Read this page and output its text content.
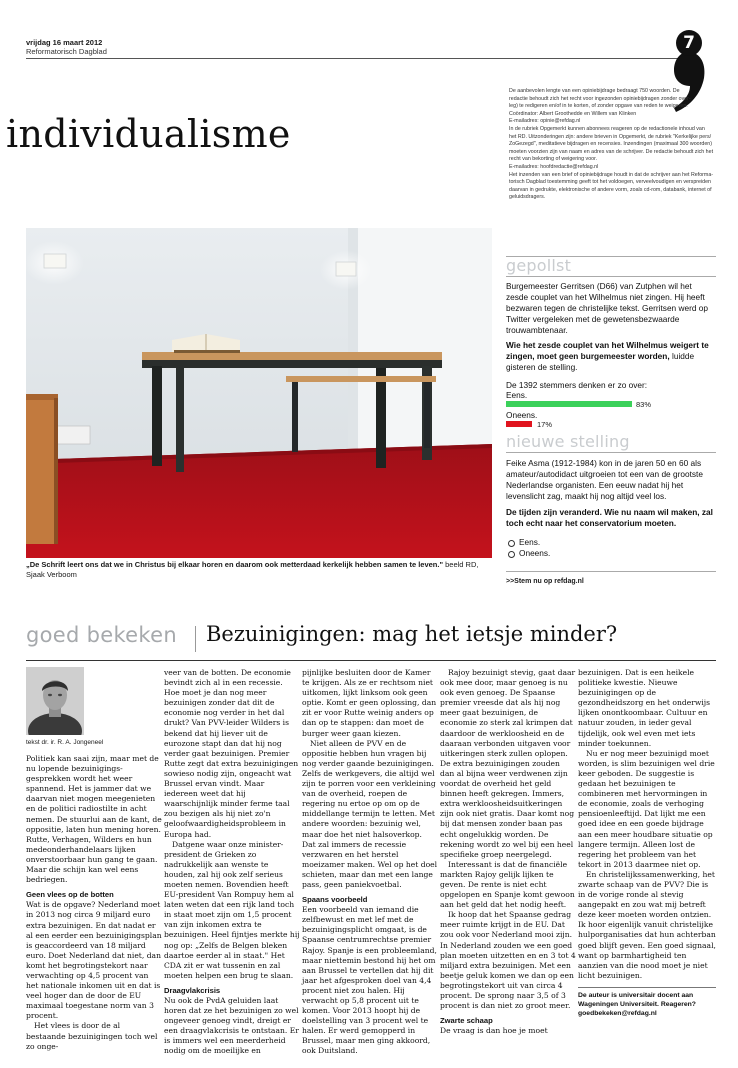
vrijdag 16 maart 2012
Reformatorisch Dagblad	7
individualisme

De aanbevolen lengte van een opiniebijdrage bedraagt 750 woorden. De

redactie behoudt zich het recht voor ingezonden opiniebijdragen zonder over-

leg) te redigeren en/of in te korten, of zonder opgave van reden te weigeren.

Coördinator: Albert Groothedde en Willem van Klinken

E-mailadres: opinie@refdag.nl

In de rubriek Opgemerkt kunnen abonnees reageren op de redactionele inhoud van

het RD. Uitzonderingen zijn: andere brieven in Opgemerkt, de rubriek "Kerkelijke pers/

ZoGezegd", meditatieve bijdragen en recensies. Inzendingen (maximaal 300 woorden)

moeten voorzien zijn van naam en adres van de schrijver. De redactie behoudt zich het

recht van bekorting of weigering voor.

E-mailadres: hoofdredactie@refdag.nl

Het inzenden van een brief of opiniebijdrage houdt in dat de schrijver aan het Reforma-

torisch Dagblad toestemming geeft tot het voldoegen, verveelvoudigen en verspreiden

daarvan in gedrukte, elektronische of andere vorm, zoals cd-rom, databank, internet of

geluidsdragers.

„De Schrift leert ons dat we in Christus bij elkaar horen en daarom ook metterdaad kerkelijk hebben samen te leven." beeld RD, Sjaak Verboom
gepollst
Burgemeester Gerritsen (D66) van Zutphen wil het zesde couplet van het Wilhelmus niet zingen. Hij heeft bezwaren tegen de christelijke tekst. Gerritsen werd op Twitter vergeleken met de gewetensbezwaarde trouwambtenaar.
Wie het zesde couplet van het Wilhelmus weigert te zingen, moet geen burgemeester worden, luidde gisteren de stelling.
De 1392 stemmers denken er zo over:
Eens.
83%
Oneens.
17%
nieuwe stelling
Feike Asma (1912-1984) kon in de jaren 50 en 60 als amateur/autodidact uitgroeien tot een van de grootste Nederlandse organisten. Een eeuw nadat hij het levenslicht zag, maakt hij nog altijd veel los.
De tijden zijn veranderd. Wie nu naam wil maken, zal toch echt naar het conservatorium moeten.
Eens.
Oneens.
>>Stem nu op refdag.nl
goed bekeken Bezuinigingen: mag het ietsje minder?
tekst dr. ir. R. A. Jongeneel

Politiek kan saai zijn, maar met de nu lopende bezuinigingsgesprekken wordt het weer spannend. Het is jammer dat we daarvan niet mogen meegenieten en de politici radiostilte in acht nemen. De stuurlui aan de kant, de oppositie, laten hun mening horen. Rutte, Verhagen, Wilders en hun medeonderhandelaars lijken onverstoorbaar hun gang te gaan. Maar die schijn kan wel eens bedriegen.

Geen vlees op de botten

Wat is de opgave? Nederland moet in 2013 nog circa 9 miljard euro extra bezuinigen. En dat nadat er al een eerder een bezuinigingsplan is geaccordeerd van 18 miljard euro. Doet Nederland dat niet, dan komt het begrotingstekort naar verwachting op 4,5 procent van het nationale inkomen uit en dat is veel hoger dan de door de EU maximaal toegestane norm van 3 procent.

Het vlees is door de al bestaande bezuinigingen toch wel zo onge-

veer van de botten. De economie bevindt zich al in een recessie. Hoe moet je dan nog meer bezuinigen zonder dat dit de economie nog verder in het dal drukt? Van PVV-leider Wilders is bekend dat hij liever uit de eurozone stapt dan dat hij nog verder gaat bezuinigen. Premier Rutte zegt dat extra bezuinigingen sowieso nodig zijn, ongeacht wat Brussel ervan vindt. Maar iedereen weet dat hij waarschijnlijk minder ferme taal zou bezigen als hij niet zo'n geloofwaardigheidsprobleem in Europa had.

Datgene waar onze minister-president de Grieken zo nadrukkelijk aan wenste te houden, zal hij ook zelf serieus moeten nemen. Bovendien heeft EU-president Van Rompuy hem al laten weten dat een rijk land toch in staat moet zijn om 1,5 procent van zijn inkomen extra te bezuinigen. Heel fijntjes merkte hij nog op: „Zelfs de Belgen bleken daartoe eerder al in staat." Het CDA zit er wat tussenin en zal moeten helpen een brug te slaan.

Draagvlakcrisis

Nu ook de PvdA geluiden laat horen dat ze het bezuinigen zo wel ongeveer genoeg vindt, dreigt er een draagvlakcrisis te ontstaan. Er is immers wel een meerderheid nodig om de moeilijke en

pijnlijke besluiten door de Kamer te krijgen. Als ze er rechtsom niet uitkomen, lijkt linksom ook geen optie. Komt er geen oplossing, dan zit er voor Rutte weinig anders op dan op te stappen: dan moet de burger weer gaan kiezen.

Niet alleen de PVV en de oppositie hebben hun vragen bij nog verder gaande bezuinigingen. Zelfs de werkgevers, die altijd wel zijn te porren voor een verkleining van de overheid, roepen de regering nu ertoe op om op de middellange termijn te letten. Met andere woorden: bezuinig wel, maar doe het niet halsoverkop. Dat zal immers de recessie verzwaren en het herstel moeizamer maken. Wel op het doel schieten, maar dan met een lange pass, geen paniekvoetbal.

Spaans voorbeeld

Een voorbeeld van iemand die zelfbewust en met lef met de bezuinigingsplicht omgaat, is de Spaanse centrumrechtse premier Rajoy. Spanje is een probleemland, maar niettemin bestond hij het om aan Brussel te vertellen dat hij dit jaar het afgesproken doel van 4,4 procent niet zou halen. Hij verwacht op 5,8 procent uit te komen. Voor 2013 hoopt hij de doelstelling van 3 procent wel te halen. Er werd gemopperd in Brussel, maar men ging akkoord, ook Duitsland.

Rajoy bezuinigt stevig, gaat daar ook mee door, maar genoeg is nu ook even genoeg. De Spaanse premier vreesde dat als hij nog meer gaat bezuinigen, de economie zo sterk zal krimpen dat daardoor de werkloosheid en de daaraan verbonden uitgaven voor uitkeringen sterk zullen oplopen. De extra bezuinigingen zouden dan al bijna weer verdwenen zijn voordat de overheid het geld binnen heeft gekregen. Immers, extra werkloosheidsuitkeringen zijn ook niet gratis. Daar komt nog bij dat mensen zonder baan pas echt ongelukkig worden. De rekening wordt zo wel bij een heel specifieke groep neergelegd.

Interessant is dat de financiële markten Rajoy gelijk lijken te geven. De rente is niet echt opgelopen en Spanje komt gewoon aan het geld dat het nodig heeft.

Ik hoop dat het Spaanse gedrag meer ruimte krijgt in de EU. Dat zou ook voor Nederland mooi zijn. In Nederland zouden we een goed plan moeten uitzetten en en 3 tot 4 miljard extra bezuinigen. Met een beetje geluk komen we dan op een begrotingstekort uit van circa 4 procent. De sprong naar 3,5 of 3 procent is dan niet zo groot meer.

Zwarte schaap

De vraag is dan hoe je moet

bezuinigen. Dat is een heikele politieke kwestie. Nieuwe bezuinigingen op de gezondheidszorg en het onderwijs lijken onontkoombaar. Cultuur en natuur zouden, in ieder geval tijdelijk, ook wel even met iets minder toekunnen.

Nu er nog meer bezuinigd moet worden, is slim bezuinigen wel drie keer geboden. De suggestie is gedaan het bezuinigen te combineren met hervormingen in de economie, zoals de verhoging pensioenleeftijd. Dat lijkt me een goed idee en een goede bijdrage aan een meer houdbare situatie op langere termijn. Alleen lost de regering het probleem van het tekort in 2013 daarmee niet op.

En christelijkssamenwerking, het zwarte schaap van de PVV? Die is in de vorige ronde al stevig aangepakt en zou wat mij betreft deze keer moeten worden ontzien. Ik hoor eigenlijk vanuit christelijke hulporganisaties dat hun achterban goed blijft geven. Een goed signaal, want op barmhartigheid ten aanzien van die nood moet je niet licht bezuinigen.

De auteur is universitair docent aan Wageningen Universiteit. Reageren?

goedbekeken@refdag.nl
